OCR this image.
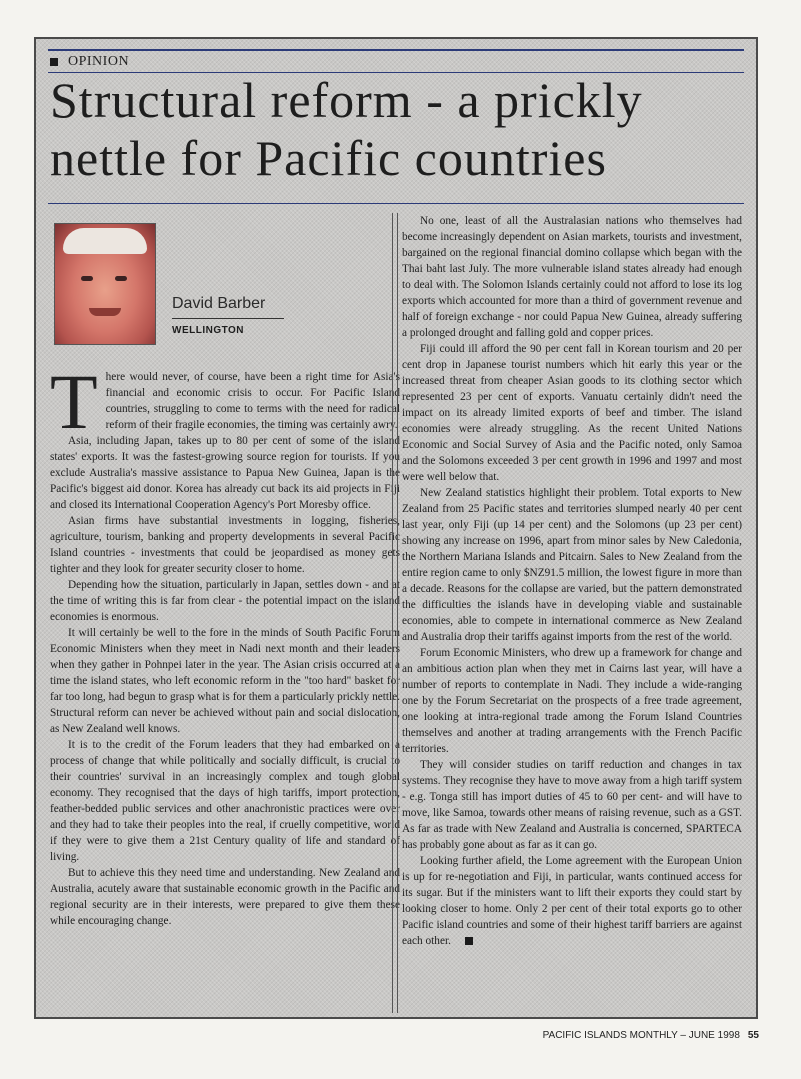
OPINION
Structural reform - a prickly nettle for Pacific countries
David Barber
WELLINGTON

There would never, of course, have been a right time for Asia's financial and economic crisis to occur. For Pacific Island countries, struggling to come to terms with the need for radical reform of their fragile economies, the timing was certainly awry.

Asia, including Japan, takes up to 80 per cent of some of the island states' exports. It was the fastest-growing source region for tourists. If you exclude Australia's massive assistance to Papua New Guinea, Japan is the Pacific's biggest aid donor. Korea has already cut back its aid projects in Fiji and closed its International Cooperation Agency's Port Moresby office.

Asian firms have substantial investments in logging, fisheries, agriculture, tourism, banking and property developments in several Pacific Island countries - investments that could be jeopardised as money gets tighter and they look for greater security closer to home.

Depending how the situation, particularly in Japan, settles down - and at the time of writing this is far from clear - the potential impact on the island economies is enormous.

It will certainly be well to the fore in the minds of South Pacific Forum Economic Ministers when they meet in Nadi next month and their leaders when they gather in Pohnpei later in the year. The Asian crisis occurred at a time the island states, who left economic reform in the "too hard" basket for far too long, had begun to grasp what is for them a particularly prickly nettle. Structural reform can never be achieved without pain and social dislocation, as New Zealand well knows.

It is to the credit of the Forum leaders that they had embarked on a process of change that while politically and socially difficult, is crucial to their countries' survival in an increasingly complex and tough global economy. They recognised that the days of high tariffs, import protection, feather-bedded public services and other anachronistic practices were over and they had to take their peoples into the real, if cruelly competitive, world if they were to give them a 21st Century quality of life and standard of living.

But to achieve this they need time and understanding. New Zealand and Australia, acutely aware that sustainable economic growth in the Pacific and regional security are in their interests, were prepared to give them these while encouraging change.

No one, least of all the Australasian nations who themselves had become increasingly dependent on Asian markets, tourists and investment, bargained on the regional financial domino collapse which began with the Thai baht last July. The more vulnerable island states already had enough to deal with. The Solomon Islands certainly could not afford to lose its log exports which accounted for more than a third of government revenue and half of foreign exchange - nor could Papua New Guinea, already suffering a prolonged drought and falling gold and copper prices.

Fiji could ill afford the 90 per cent fall in Korean tourism and 20 per cent drop in Japanese tourist numbers which hit early this year or the increased threat from cheaper Asian goods to its clothing sector which represented 23 per cent of exports. Vanuatu certainly didn't need the impact on its already limited exports of beef and timber. The island economies were already struggling. As the recent United Nations Economic and Social Survey of Asia and the Pacific noted, only Samoa and the Solomons exceeded 3 per cent growth in 1996 and 1997 and most were well below that.

New Zealand statistics highlight their problem. Total exports to New Zealand from 25 Pacific states and territories slumped nearly 40 per cent last year, only Fiji (up 14 per cent) and the Solomons (up 23 per cent) showing any increase on 1996, apart from minor sales by New Caledonia, the Northern Mariana Islands and Pitcairn. Sales to New Zealand from the entire region came to only $NZ91.5 million, the lowest figure in more than a decade. Reasons for the collapse are varied, but the pattern demonstrated the difficulties the islands have in developing viable and sustainable economies, able to compete in international commerce as New Zealand and Australia drop their tariffs against imports from the rest of the world.

Forum Economic Ministers, who drew up a framework for change and an ambitious action plan when they met in Cairns last year, will have a number of reports to contemplate in Nadi. They include a wide-ranging one by the Forum Secretariat on the prospects of a free trade agreement, one looking at intra-regional trade among the Forum Island Countries themselves and another at trading arrangements with the French Pacific territories.

They will consider studies on tariff reduction and changes in tax systems. They recognise they have to move away from a high tariff system - e.g. Tonga still has import duties of 45 to 60 per cent- and will have to move, like Samoa, towards other means of raising revenue, such as a GST. As far as trade with New Zealand and Australia is concerned, SPARTECA has probably gone about as far as it can go.

Looking further afield, the Lome agreement with the European Union is up for re-negotiation and Fiji, in particular, wants continued access for its sugar. But if the ministers want to lift their exports they could start by looking closer to home. Only 2 per cent of their total exports go to other Pacific island countries and some of their highest tariff barriers are against each other.

PACIFIC ISLANDS MONTHLY – JUNE 1998 55
